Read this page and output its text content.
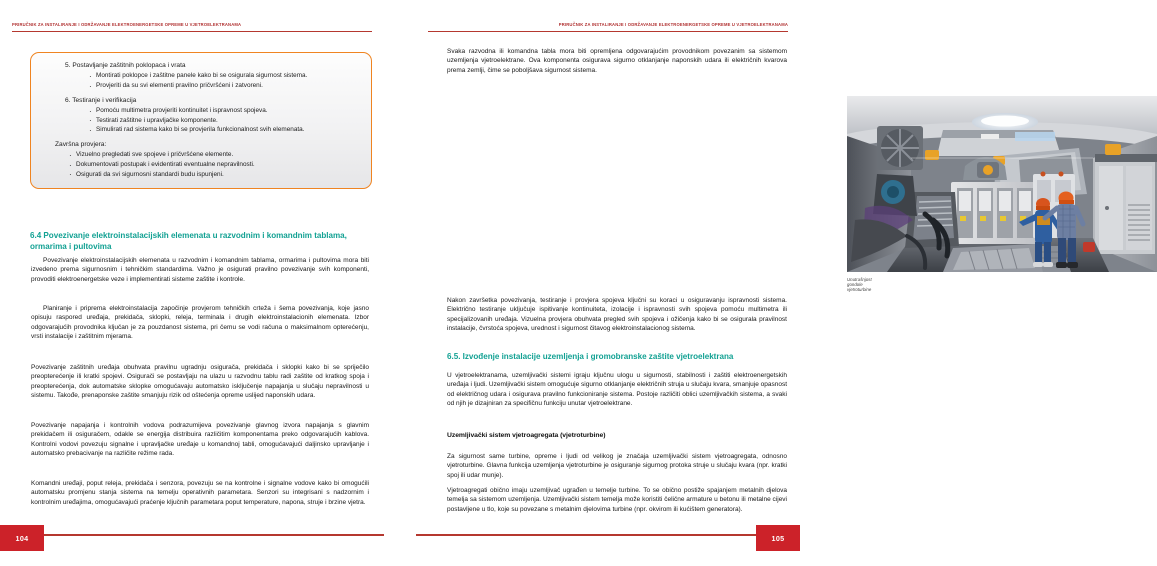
PRIRUČNIK ZA INSTALIRANJE I ODRŽAVANJE ELEKTROENERGETSKE OPREME U VJETROELEKTRANAMA

5. Postavljanje zaštitnih poklopaca i vrata

· Montirati poklopce i zaštitne panele kako bi se osigurala sigurnost sistema.
· Provjeriti da su svi elementi pravilno pričvršćeni i zatvoreni.

6. Testiranje i verifikacija

· Pomoću multimetra provjeriti kontinuitet i ispravnost spojeva.
· Testirati zaštitne i upravljačke komponente.
· Simulirati rad sistema kako bi se provjerila funkcionalnost svih elemenata.

Završna provjera:

· Vizuelno pregledati sve spojeve i pričvršćene elemente.
· Dokumentovati postupak i evidentirati eventualne nepravilnosti.
· Osigurati da svi sigurnosni standardi budu ispunjeni.
6.4 Povezivanje elektroinstalacijskih elemenata u razvodnim i komandnim tablama, ormarima i pultovima
Povezivanje elektroinstalacijskih elemenata u razvodnim i komandnim tablama, ormarima i pultovima mora biti izvedeno prema sigurnosnim i tehničkim standardima. Važno je osigurati pravilno povezivanje svih komponenti, provoditi elektroenergetske veze i implementirati sisteme zaštite i kontrole.
Planiranje i priprema elektroinstalacija započinje provjerom tehničkih crteža i šema povezivanja, koje jasno opisuju raspored uređaja, prekidača, sklopki, releja, terminala i drugih elektroinstalacionih elemenata. Izbor odgovarajućih provodnika ključan je za pouzdanost sistema, pri čemu se vodi računa o maksimalnom opterećenju, vrsti instalacije i zaštitnim mjerama.
Povezivanje zaštitnih uređaja obuhvata pravilnu ugradnju osigurača, prekidača i sklopki kako bi se spriječilo preopterećenje ili kratki spojevi. Osigurači se postavljaju na ulazu u razvodnu tablu radi zaštite od kratkog spoja i preopterećenja, dok automatske sklopke omogućavaju automatsko isključenje napajanja u slučaju nepravilnosti u sistemu. Takođe, prenaponske zaštite smanjuju rizik od oštećenja opreme uslijed naponskih udara.
Povezivanje napajanja i kontrolnih vodova podrazumijeva povezivanje glavnog izvora napajanja s glavnim prekidačem ili osiguračem, odakle se energija distribuira različitim komponentama preko odgovarajućih kablova. Kontrolni vodovi povezuju signalne i upravljačke uređaje u komandnoj tabli, omogućavajući daljinsko upravljanje i automatsko prebacivanje na različite režime rada.
Komandni uređaji, poput releja, prekidača i senzora, povezuju se na kontrolne i signalne vodove kako bi omogućili automatsku promjenu stanja sistema na temelju operativnih parametara. Senzori su integrisani s nadzornim i kontrolnim uređajima, omogućavajući praćenje ključnih parametara poput temperature, napona, struje i brzine vjetra.
104
PRIRUČNIK ZA INSTALIRANJE I ODRŽAVANJE ELEKTROENERGETSKE OPREME U VJETROELEKTRANAMA
Svaka razvodna ili komandna tabla mora biti opremljena odgovarajućim provodnikom povezanim sa sistemom uzemljenja vjetroelektrane. Ova komponenta osigurava sigurno otklanjanje naponskih udara ili električnih kvarova prema zemlji, čime se poboljšava sigurnost sistema.
Unutrašnjost gondole vjetroturbine
Nakon završetka povezivanja, testiranje i provjera spojeva ključni su koraci u osiguravanju ispravnosti sistema. Električno testiranje uključuje ispitivanje kontinuiteta, izolacije i ispravnosti svih spojeva pomoću multimetra ili specijalizovanih uređaja. Vizuelna provjera obuhvata pregled svih spojeva i ožičenja kako bi se osigurala pravilnost instalacije, čvrstoća spojeva, urednost i sigurnost čitavog elektroinstalacionog sistema.
6.5. Izvođenje instalacije uzemljenja i gromobranske zaštite vjetroelektrana
U vjetroelektranama, uzemljivački sistemi igraju ključnu ulogu u sigurnosti, stabilnosti i zaštiti elektroenergetskih uređaja i ljudi. Uzemljivački sistem omogućuje sigurno otklanjanje električnih struja u slučaju kvara, smanjuje opasnost od električnog udara i osigurava pravilno funkcioniranje sistema. Postoje različiti oblici uzemljivačkih sistema, a svaki od njih je dizajniran za specifičnu funkciju unutar vjetroelektrane.
Uzemljivački sistem vjetroagregata (vjetroturbine)
Za sigurnost same turbine, opreme i ljudi od velikog je značaja uzemljivački sistem vjetroagregata, odnosno vjetroturbine. Glavna funkcija uzemljenja vjetroturbine je osiguranje sigurnog protoka struje u slučaju kvara (npr. kratki spoj ili udar munje).
Vjetroagregati obično imaju uzemljivač ugrađen u temelje turbine. To se obično postiže spajanjem metalnih djelova temelja sa sistemom uzemljenja. Uzemljivački sistem temelja može koristiti čelične armature u betonu ili metalne cijevi postavljene u tlo, koje su povezane s metalnim djelovima turbine (npr. okvirom ili kućištem generatora).
105
